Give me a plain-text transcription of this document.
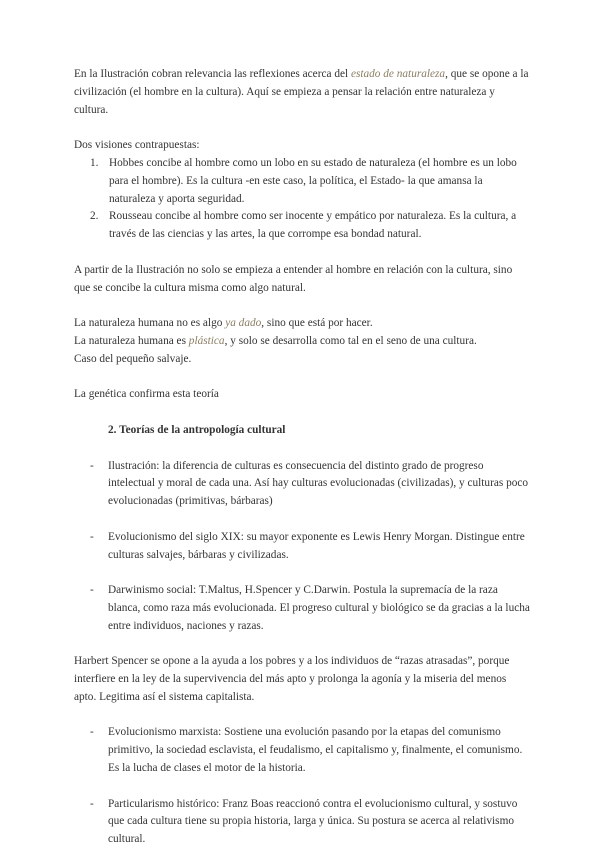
En la Ilustración cobran relevancia las reflexiones acerca del estado de naturaleza, que se opone a la civilización (el hombre en la cultura). Aquí se empieza a pensar la relación entre naturaleza y cultura.

Dos visiones contrapuestas:

1. Hobbes concibe al hombre como un lobo en su estado de naturaleza (el hombre es un lobo para el hombre). Es la cultura -en este caso, la política, el Estado- la que amansa la naturaleza y aporta seguridad.
2. Rousseau concibe al hombre como ser inocente y empático por naturaleza. Es la cultura, a través de las ciencias y las artes, la que corrompe esa bondad natural.

A partir de la Ilustración no solo se empieza a entender al hombre en relación con la cultura, sino que se concibe la cultura misma como algo natural.

La naturaleza humana no es algo ya dado, sino que está por hacer.

La naturaleza humana es plástica, y solo se desarrolla como tal en el seno de una cultura.

Caso del pequeño salvaje.

La genética confirma esta teoría

2. Teorías de la antropología cultural

- Ilustración: la diferencia de culturas es consecuencia del distinto grado de progreso intelectual y moral de cada una. Así hay culturas evolucionadas (civilizadas), y culturas poco evolucionadas (primitivas, bárbaras)
- Evolucionismo del siglo XIX: su mayor exponente es Lewis Henry Morgan. Distingue entre culturas salvajes, bárbaras y civilizadas.
- Darwinismo social: T.Maltus, H.Spencer y C.Darwin. Postula la supremacía de la raza blanca, como raza más evolucionada. El progreso cultural y biológico se da gracias a la lucha entre individuos, naciones y razas.

Harbert Spencer se opone a la ayuda a los pobres y a los individuos de “razas atrasadas”, porque interfiere en la ley de la supervivencia del más apto y prolonga la agonía y la miseria del menos apto. Legitima así el sistema capitalista.

- Evolucionismo marxista: Sostiene una evolución pasando por la etapas del comunismo primitivo, la sociedad esclavista, el feudalismo, el capitalismo y, finalmente, el comunismo. Es la lucha de clases el motor de la historia.
- Particularismo histórico: Franz Boas reaccionó contra el evolucionismo cultural, y sostuvo que cada cultura tiene su propia historia, larga y única. Su postura se acerca al relativismo cultural.
